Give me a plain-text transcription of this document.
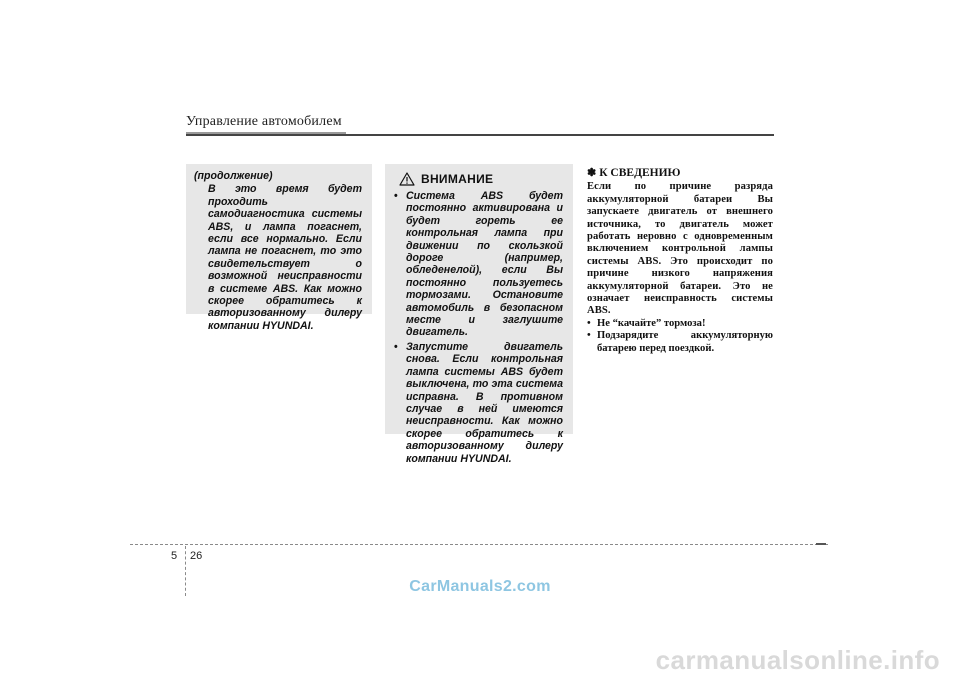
Управление автомобилем

(продолжение)

В это время будет проходить самодиагностика системы ABS, и лампа погаснет, если все нормально. Если лампа не погаснет, то это свидетельствует о возможной неисправности в системе ABS. Как можно скорее обратитесь к авторизованному дилеру компании HYUNDAI.

ВНИМАНИЕ
• Система ABS будет постоянно активирована и будет гореть ее контрольная лампа при движении по скользкой дороге (например, обледенелой), если Вы постоянно пользуетесь тормозами. Остановите автомобиль в безопасном месте и заглушите двигатель.
• Запустите двигатель снова. Если контрольная лампа системы ABS будет выключена, то эта система исправна. В противном случае в ней имеются неисправности. Как можно скорее обратитесь к авторизованному дилеру компании HYUNDAI.
✽ К СВЕДЕНИЮ

Если по причине разряда аккумуляторной батареи Вы запускаете двигатель от внешнего источника, то двигатель может работать неровно с одновременным включением контрольной лампы системы ABS. Это происходит по причине низкого напряжения аккумуляторной батареи. Это не означает неисправность системы ABS.

• Не “качайте” тормоза!
• Подзарядите аккумуляторную батарею перед поездкой.
5 26
CarManuals2.com
carmanualsonline.info
